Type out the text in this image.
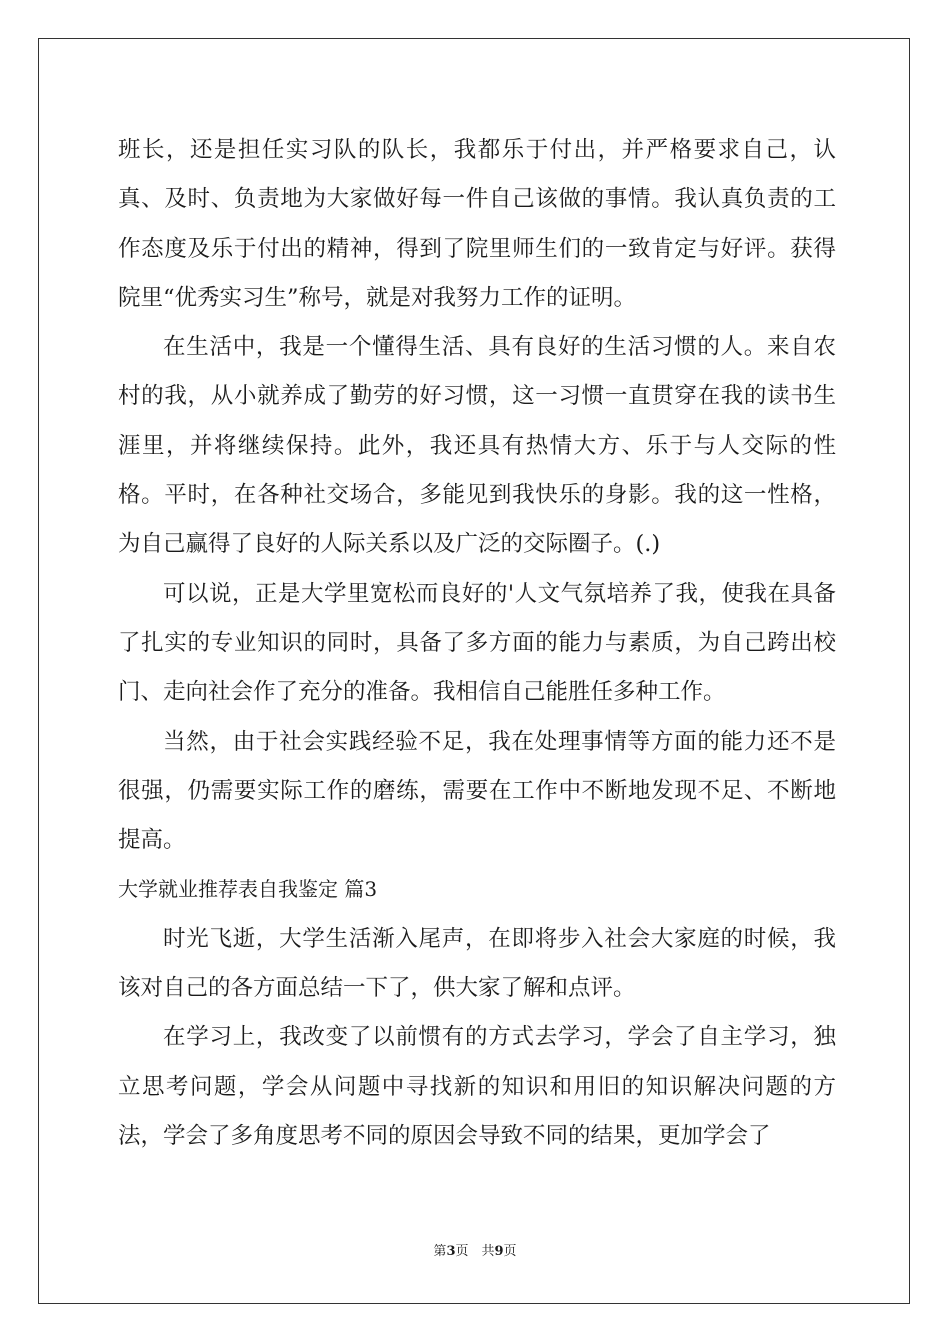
班长，还是担任实习队的队长，我都乐于付出，并严格要求自己，认真、及时、负责地为大家做好每一件自己该做的事情。我认真负责的工作态度及乐于付出的精神，得到了院里师生们的一致肯定与好评。获得院里“优秀实习生”称号，就是对我努力工作的证明。

在生活中，我是一个懂得生活、具有良好的生活习惯的人。来自农村的我，从小就养成了勤劳的好习惯，这一习惯一直贯穿在我的读书生涯里，并将继续保持。此外，我还具有热情大方、乐于与人交际的性格。平时，在各种社交场合，多能见到我快乐的身影。我的这一性格，为自己赢得了良好的人际关系以及广泛的交际圈子。(.)

可以说，正是大学里宽松而良好的'人文气氛培养了我，使我在具备了扎实的专业知识的同时，具备了多方面的能力与素质，为自己跨出校门、走向社会作了充分的准备。我相信自己能胜任多种工作。

当然，由于社会实践经验不足，我在处理事情等方面的能力还不是很强，仍需要实际工作的磨练，需要在工作中不断地发现不足、不断地提高。

大学就业推荐表自我鉴定 篇3

时光飞逝，大学生活渐入尾声，在即将步入社会大家庭的时候，我该对自己的各方面总结一下了，供大家了解和点评。

在学习上，我改变了以前惯有的方式去学习，学会了自主学习，独立思考问题，学会从问题中寻找新的知识和用旧的知识解决问题的方法，学会了多角度思考不同的原因会导致不同的结果，更加学会了

第3页　共9页
